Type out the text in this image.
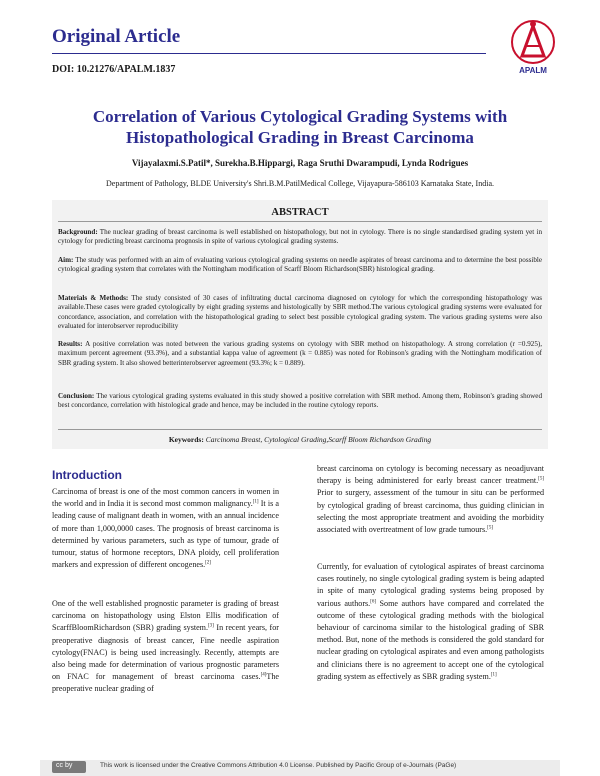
Original Article
DOI: 10.21276/APALM.1837	APALM
Correlation of Various Cytological Grading Systems with
Histopathological Grading in Breast Carcinoma
Vijayalaxmi.S.Patil*, Surekha.B.Hippargi, Raga Sruthi Dwarampudi, Lynda Rodrigues
Department of Pathology, BLDE University's Shri.B.M.PatilMedical College, Vijayapura-586103 Karnataka State, India.
ABSTRACT
Background: The nuclear grading of breast carcinoma is well established on histopathology, but not in cytology. There is no single standardised grading system yet in cytology for predicting breast carcinoma prognosis in spite of various cytological grading systems.
Aim: The study was performed with an aim of evaluating various cytological grading systems on needle aspirates of breast carcinoma and to determine the best possible cytological grading system that correlates with the Nottingham modification of Scarff Bloom Richardson(SBR) histological grading.
Materials & Methods: The study consisted of 30 cases of infiltrating ductal carcinoma diagnosed on cytology for which the corresponding histopathology was available.These cases were graded cytologically by eight grading systems and histologically by SBR method.The various cytological grading systems were evaluated for concordance, association, and correlation with the histopathological grading to select best possible cytological grading system. The various grading systems were also evaluated for interobserver reproducibility
Results: A positive correlation was noted between the various grading systems on cytology with SBR method on histopathology. A strong correlation (r =0.925), maximum percent agreement (93.3%), and a substantial kappa value of agreement (k = 0.885) was noted for Robinson's grading with the Nottingham modification of SBR grading system. It also showed betterinterobserver agreement (93.3%; k = 0.889).
Conclusion: The various cytological grading systems evaluated in this study showed a positive correlation with SBR method. Among them, Robinson's grading showed best concordance, correlation with histological grade and hence, may be included in the routine cytology reports.
Keywords: Carcinoma Breast, Cytological Grading,Scarff Bloom Richardson Grading
Introduction
Carcinoma of breast is one of the most common cancers in women in the world and in India it is second most common malignancy.[1] It is a leading cause of malignant death in women, with an annual incidence of more than 1,000,0000 cases. The prognosis of breast carcinoma is determined by various parameters, such as type of tumour, grade of tumour, status of hormone receptors, DNA ploidy, cell proliferation markers and expression of different oncogenes.[2]
One of the well established prognostic parameter is grading of breast carcinoma on histopathology using Elston Ellis modification of ScarffBloomRichardson (SBR) grading system.[3] In recent years, for preoperative diagnosis of breast cancer, Fine needle aspiration cytology(FNAC) is being used increasingly. Recently, attempts are also being made for determination of various prognostic parameters on FNAC for management of breast carcinoma cases.[4]The preoperative nuclear grading of
breast carcinoma on cytology is becoming necessary as neoadjuvant therapy is being administered for early breast cancer treatment.[5] Prior to surgery, assessment of the tumour in situ can be performed by cytological grading of breast carcinoma, thus guiding clinician in selecting the most appropriate treatment and avoiding the morbidity associated with overtreatment of low grade tumours.[5]
Currently, for evaluation of cytological aspirates of breast carcinoma cases routinely, no single cytological grading system is being adapted in spite of many cytological grading systems being proposed by various authors.[6] Some authors have compared and correlated the outcome of these cytological grading methods with the biological behaviour of carcinoma similar to the histological grading of SBR method. But, none of the methods is considered the gold standard for nuclear grading on cytological aspirates and even among pathologists and clinicians there is no agreement to accept one of the cytological grading system as effectively as SBR grading system.[1]
cc by	This work is licensed under the Creative Commons Attribution 4.0 License. Published by Pacific Group of e-Journals (PaGe)
